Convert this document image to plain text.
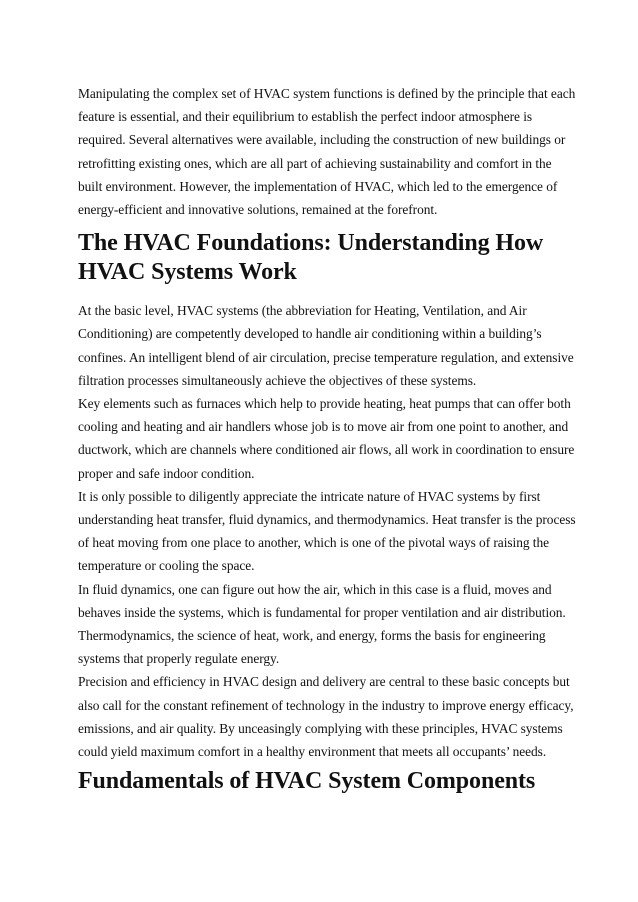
Manipulating the complex set of HVAC system functions is defined by the principle that each feature is essential, and their equilibrium to establish the perfect indoor atmosphere is required. Several alternatives were available, including the construction of new buildings or retrofitting existing ones, which are all part of achieving sustainability and comfort in the built environment. However, the implementation of HVAC, which led to the emergence of energy-efficient and innovative solutions, remained at the forefront.

The HVAC Foundations: Understanding How HVAC Systems Work

At the basic level, HVAC systems (the abbreviation for Heating, Ventilation, and Air Conditioning) are competently developed to handle air conditioning within a building’s confines. An intelligent blend of air circulation, precise temperature regulation, and extensive filtration processes simultaneously achieve the objectives of these systems.

Key elements such as furnaces which help to provide heating, heat pumps that can offer both cooling and heating and air handlers whose job is to move air from one point to another, and ductwork, which are channels where conditioned air flows, all work in coordination to ensure proper and safe indoor condition.

It is only possible to diligently appreciate the intricate nature of HVAC systems by first understanding heat transfer, fluid dynamics, and thermodynamics. Heat transfer is the process of heat moving from one place to another, which is one of the pivotal ways of raising the temperature or cooling the space.

In fluid dynamics, one can figure out how the air, which in this case is a fluid, moves and behaves inside the systems, which is fundamental for proper ventilation and air distribution.

Thermodynamics, the science of heat, work, and energy, forms the basis for engineering systems that properly regulate energy.

Precision and efficiency in HVAC design and delivery are central to these basic concepts but also call for the constant refinement of technology in the industry to improve energy efficacy, emissions, and air quality. By unceasingly complying with these principles, HVAC systems could yield maximum comfort in a healthy environment that meets all occupants’ needs.

Fundamentals of HVAC System Components
